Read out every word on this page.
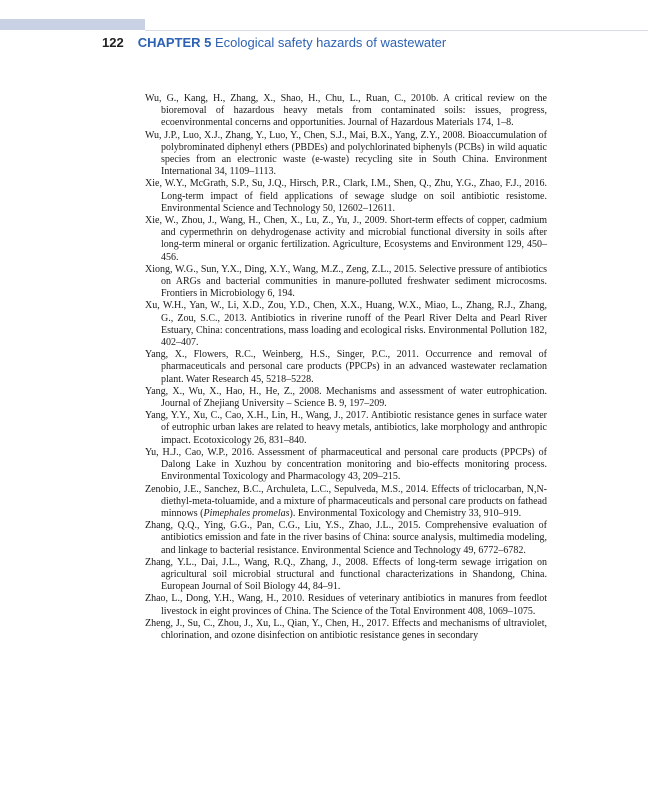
122 CHAPTER 5 Ecological safety hazards of wastewater
Wu, G., Kang, H., Zhang, X., Shao, H., Chu, L., Ruan, C., 2010b. A critical review on the bioremoval of hazardous heavy metals from contaminated soils: issues, progress, ecoenvironmental concerns and opportunities. Journal of Hazardous Materials 174, 1–8.
Wu, J.P., Luo, X.J., Zhang, Y., Luo, Y., Chen, S.J., Mai, B.X., Yang, Z.Y., 2008. Bioaccumulation of polybrominated diphenyl ethers (PBDEs) and polychlorinated biphenyls (PCBs) in wild aquatic species from an electronic waste (e-waste) recycling site in South China. Environment International 34, 1109–1113.
Xie, W.Y., McGrath, S.P., Su, J.Q., Hirsch, P.R., Clark, I.M., Shen, Q., Zhu, Y.G., Zhao, F.J., 2016. Long-term impact of field applications of sewage sludge on soil antibiotic resistome. Environmental Science and Technology 50, 12602–12611.
Xie, W., Zhou, J., Wang, H., Chen, X., Lu, Z., Yu, J., 2009. Short-term effects of copper, cadmium and cypermethrin on dehydrogenase activity and microbial functional diversity in soils after long-term mineral or organic fertilization. Agriculture, Ecosystems and Environment 129, 450–456.
Xiong, W.G., Sun, Y.X., Ding, X.Y., Wang, M.Z., Zeng, Z.L., 2015. Selective pressure of antibiotics on ARGs and bacterial communities in manure-polluted freshwater sediment microcosms. Frontiers in Microbiology 6, 194.
Xu, W.H., Yan, W., Li, X.D., Zou, Y.D., Chen, X.X., Huang, W.X., Miao, L., Zhang, R.J., Zhang, G., Zou, S.C., 2013. Antibiotics in riverine runoff of the Pearl River Delta and Pearl River Estuary, China: concentrations, mass loading and ecological risks. Environmental Pollution 182, 402–407.
Yang, X., Flowers, R.C., Weinberg, H.S., Singer, P.C., 2011. Occurrence and removal of pharmaceuticals and personal care products (PPCPs) in an advanced wastewater reclamation plant. Water Research 45, 5218–5228.
Yang, X., Wu, X., Hao, H., He, Z., 2008. Mechanisms and assessment of water eutrophication. Journal of Zhejiang University – Science B. 9, 197–209.
Yang, Y.Y., Xu, C., Cao, X.H., Lin, H., Wang, J., 2017. Antibiotic resistance genes in surface water of eutrophic urban lakes are related to heavy metals, antibiotics, lake morphology and anthropic impact. Ecotoxicology 26, 831–840.
Yu, H.J., Cao, W.P., 2016. Assessment of pharmaceutical and personal care products (PPCPs) of Dalong Lake in Xuzhou by concentration monitoring and bio-effects monitoring process. Environmental Toxicology and Pharmacology 43, 209–215.
Zenobio, J.E., Sanchez, B.C., Archuleta, L.C., Sepulveda, M.S., 2014. Effects of triclocarban, N,N-diethyl-meta-toluamide, and a mixture of pharmaceuticals and personal care products on fathead minnows (Pimephales promelas). Environmental Toxicology and Chemistry 33, 910–919.
Zhang, Q.Q., Ying, G.G., Pan, C.G., Liu, Y.S., Zhao, J.L., 2015. Comprehensive evaluation of antibiotics emission and fate in the river basins of China: source analysis, multimedia modeling, and linkage to bacterial resistance. Environmental Science and Technology 49, 6772–6782.
Zhang, Y.L., Dai, J.L., Wang, R.Q., Zhang, J., 2008. Effects of long-term sewage irrigation on agricultural soil microbial structural and functional characterizations in Shandong, China. European Journal of Soil Biology 44, 84–91.
Zhao, L., Dong, Y.H., Wang, H., 2010. Residues of veterinary antibiotics in manures from feedlot livestock in eight provinces of China. The Science of the Total Environment 408, 1069–1075.
Zheng, J., Su, C., Zhou, J., Xu, L., Qian, Y., Chen, H., 2017. Effects and mechanisms of ultraviolet, chlorination, and ozone disinfection on antibiotic resistance genes in secondary
